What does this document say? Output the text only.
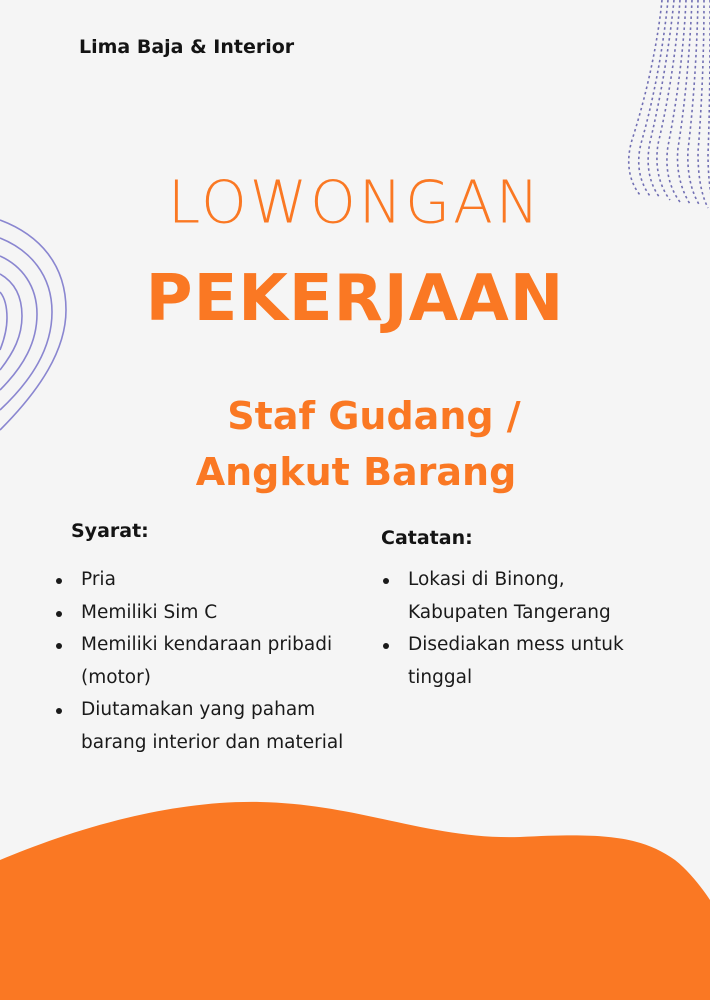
Lima Baja & Interior
LOWONGAN
PEKERJAAN
Staf Gudang /
Angkut Barang
Syarat:
Pria
Memiliki Sim C
Memiliki kendaraan pribadi (motor)
Diutamakan yang paham barang interior dan material
Catatan:
Lokasi di Binong, Kabupaten Tangerang
Disediakan mess untuk tinggal
